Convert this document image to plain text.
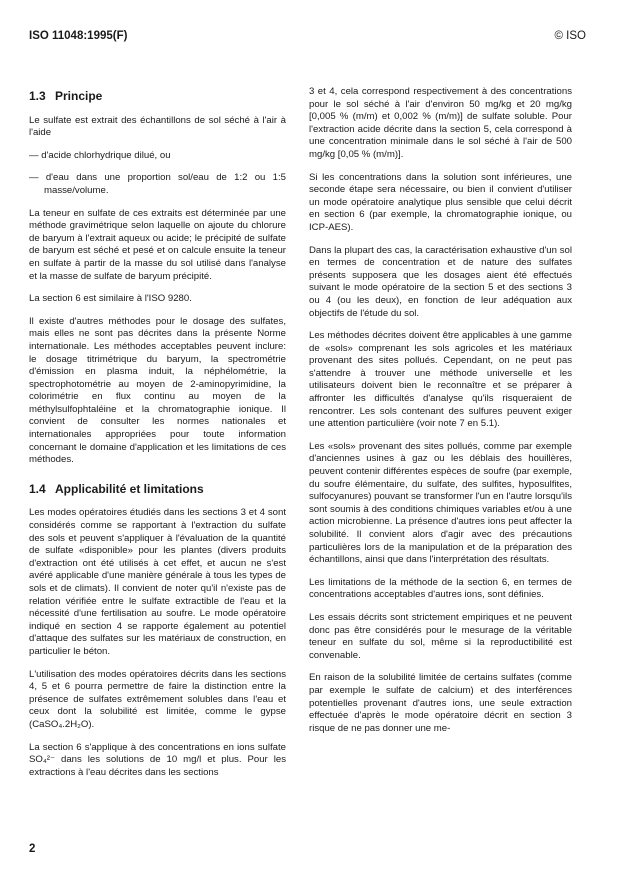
ISO 11048:1995(F)	© ISO
1.3 Principe

Le sulfate est extrait des échantillons de sol séché à l'air à l'aide

— d'acide chlorhydrique dilué, ou

— d'eau dans une proportion sol/eau de 1:2 ou 1:5 masse/volume.

La teneur en sulfate de ces extraits est déterminée par une méthode gravimétrique selon laquelle on ajoute du chlorure de baryum à l'extrait aqueux ou acide; le précipité de sulfate de baryum est séché et pesé et on calcule ensuite la teneur en sulfate à partir de la masse du sol utilisé dans l'analyse et la masse de sulfate de baryum précipité.

La section 6 est similaire à l'ISO 9280.

Il existe d'autres méthodes pour le dosage des sulfates, mais elles ne sont pas décrites dans la présente Norme internationale. Les méthodes acceptables peuvent inclure: le dosage titrimétrique du baryum, la spectrométrie d'émission en plasma induit, la néphélométrie, la spectrophotométrie au moyen de 2-aminopyrimidine, la colorimétrie en flux continu au moyen de la méthylsulfophtaléine et la chromatographie ionique. Il convient de consulter les normes nationales et internationales appropriées pour toute information concernant le domaine d'application et les limitations de ces méthodes.

1.4 Applicabilité et limitations

Les modes opératoires étudiés dans les sections 3 et 4 sont considérés comme se rapportant à l'extraction du sulfate des sols et peuvent s'appliquer à l'évaluation de la quantité de sulfate «disponible» pour les plantes (divers produits d'extraction ont été utilisés à cet effet, et aucun ne s'est avéré applicable d'une manière générale à tous les types de sols et de climats). Il convient de noter qu'il n'existe pas de relation vérifiée entre le sulfate extractible de l'eau et la nécessité d'une fertilisation au soufre. Le mode opératoire indiqué en section 4 se rapporte également au potentiel d'attaque des sulfates sur les matériaux de construction, en particulier le béton.

L'utilisation des modes opératoires décrits dans les sections 4, 5 et 6 pourra permettre de faire la distinction entre la présence de sulfates extrêmement solubles dans l'eau et ceux dont la solubilité est limitée, comme le gypse (CaSO₄.2H₂O).

La section 6 s'applique à des concentrations en ions sulfate SO₄²⁻ dans les solutions de 10 mg/l et plus. Pour les extractions à l'eau décrites dans les sections

3 et 4, cela correspond respectivement à des concentrations pour le sol séché à l'air d'environ 50 mg/kg et 20 mg/kg [0,005 % (m/m) et 0,002 % (m/m)] de sulfate soluble. Pour l'extraction acide décrite dans la section 5, cela correspond à une concentration minimale dans le sol séché à l'air de 500 mg/kg [0,05 % (m/m)].

Si les concentrations dans la solution sont inférieures, une seconde étape sera nécessaire, ou bien il convient d'utiliser un mode opératoire analytique plus sensible que celui décrit en section 6 (par exemple, la chromatographie ionique, ou ICP-AES).

Dans la plupart des cas, la caractérisation exhaustive d'un sol en termes de concentration et de nature des sulfates présents supposera que les dosages aient été effectués suivant le mode opératoire de la section 5 et des sections 3 ou 4 (ou les deux), en fonction de leur adéquation aux objectifs de l'étude du sol.

Les méthodes décrites doivent être applicables à une gamme de «sols» comprenant les sols agricoles et les matériaux provenant des sites pollués. Cependant, on ne peut pas s'attendre à trouver une méthode universelle et les utilisateurs doivent bien le reconnaître et se préparer à affronter les difficultés d'analyse qu'ils risqueraient de rencontrer. Les sols contenant des sulfures peuvent exiger une attention particulière (voir note 7 en 5.1).

Les «sols» provenant des sites pollués, comme par exemple d'anciennes usines à gaz ou les déblais des houillères, peuvent contenir différentes espèces de soufre (par exemple, du soufre élémentaire, du sulfate, des sulfites, hyposulfites, sulfocyanures) pouvant se transformer l'un en l'autre lorsqu'ils sont soumis à des conditions chimiques variables et/ou à une action microbienne. La présence d'autres ions peut affecter la solubilité. Il convient alors d'agir avec des précautions particulières lors de la manipulation et de la préparation des échantillons, ainsi que dans l'interprétation des résultats.

Les limitations de la méthode de la section 6, en termes de concentrations acceptables d'autres ions, sont définies.

Les essais décrits sont strictement empiriques et ne peuvent donc pas être considérés pour le mesurage de la véritable teneur en sulfate du sol, même si la reproductibilité est convenable.

En raison de la solubilité limitée de certains sulfates (comme par exemple le sulfate de calcium) et des interférences potentielles provenant d'autres ions, une seule extraction effectuée d'après le mode opératoire décrit en section 3 risque de ne pas donner une me-

2
